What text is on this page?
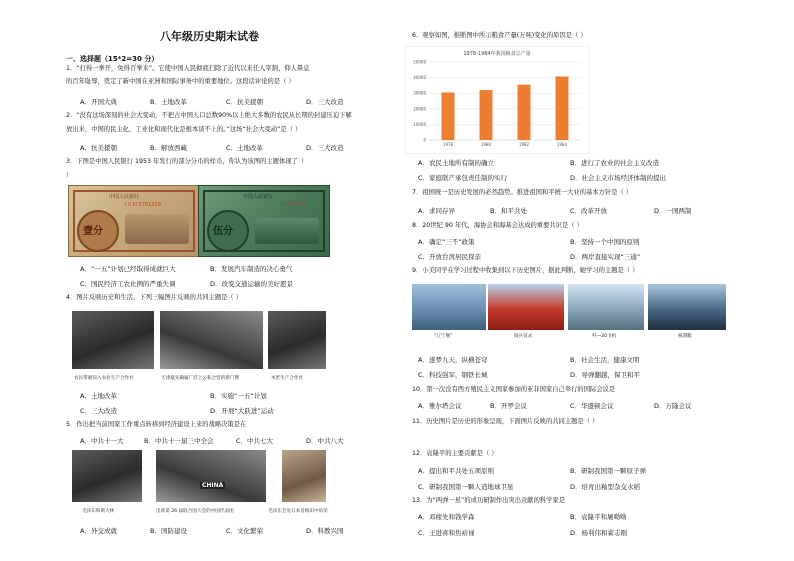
八年级历史期末试卷
一、选择题（15*2=30 分）
1．“打得一拳开，免得百拳来”。它使中国人民彻底扫除了近代以来任人宰割、仰人鼻息
的百年耻辱，奠定了新中国在亚洲和国际事务中的重要地位。这段话评论的是（ ）
A．开国大典	B．土地改革	C．抗美援朝	D．三大改造
2．“没有这场深刻的社会大变动，不把占中国人口总数90%以上绝大多数的农民从长期的封建压迫下解
放出来，中国的民主化、工业化和现代化是根本谈不上的。”这场“社会大变动”是（ ）
A．抗美援朝	B．解放西藏	C．土地改革	D．三大改造
3．下图是中国人民银行 1953 年发行的部分分币的样币，你认为该图的主题体现了（
）
中国人民银行
I II III 5761029
壹分
中国人民银行
II VII VIII 5
伍分
A．“一五”计划已经取得成就巨大	B．发展汽车制造的决心勇气
C．国民经济工农比例的严重失调	D．改变交通运输的美好愿景
4．图片反映历史和生活，下列三幅图片反映的共同主题是（ ）
农民带通知入农业生产合作社	天津最先确属厂挂上公私合营的新门牌	木匠生产合作社
A．土地改革	B．实施“一五”计划
C．三大改造	D．开展“大跃进”运动
5．作出把当前国家工作重点转移到经济建设上来的战略决策是在
A．中共十一大	B．中共十一届三中全会	C．中共七大	D．中共八大
CHINA
毛泽东和斯大林	出席第 26 届联合国大会的中国代表团	毛泽东会见日本首相田中角荣
A．外交成就	B．国防建设	C．文化繁荣	D．科教兴国
6．观察如图，推断图中所示粮食产量(万吨)变化的原因是（ ）
1978-1984年我国粮食总产量
0
10000
20000
30000
40000
50000
1978	1980	1982	1984
A．农民土地所有制的确立	B．进行了农业的社会主义改造
C．家庭联产承包责任制的实行	D．社会主义市场经济体制的提出
7．祖国统一是历史发展的必然趋势。推进祖国和平统一大业的基本方针是（ ）
A．求同存异	B．和平共处	C．改革开放	D．一国两制
8．20世纪 90 年代，海协会和海基会达成的重要共识是（ ）
A．确定“三不”政策	B．坚持一个中国的原则
C．开放台湾居民探亲	D．两岸直接实现“三通”
9．小美同学在学习过程中收集到以下历史图片，据此判断，她学习的主题是（ ）
“辽宁舰”	阅兵仪式	歼—20飞机	核潜艇
A．逐梦九天，纵横苍穹	B．社会生活，健康文明
C．科技强军，钢铁长城	D．导弹翻越，保卫和平
10．第一次没有西方殖民主义国家参加的亚非国家自己举行的国际会议是
A．雅尔塔会议	B．开罗会议	C．华盛顿会议	D．万隆会议
11．历史图片是历史的形象呈现，下面图片反映的共同主题是（ ）
12．袁隆平的主要贡献是（ ）
A．提出和平共处五项原则	B．研制我国第一颗原子弹
C．研制我国第一颗人造地球卫星	D．培育出籼型杂交水稻
13．为“两弹一星”的成功研制作出突出贡献的科学家是
A．邓稼先和钱学森	B．袁隆平和屠呦呦
C．王进喜和焦裕禄	D．杨利伟和翟志刚
